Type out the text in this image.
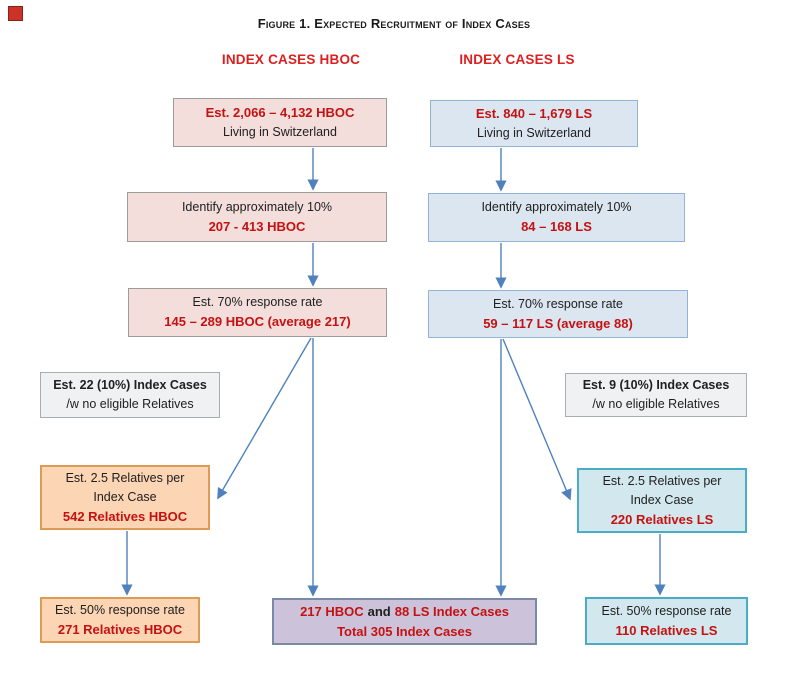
Figure 1. Expected Recruitment of Index Cases
INDEX CASES HBOC	INDEX CASES LS
Est. 2,066 – 4,132 HBOC
Living in Switzerland
Identify approximately 10%
207 - 413 HBOC
Est. 70% response rate
145 – 289 HBOC (average 217)
Est. 22 (10%) Index Cases
/w no eligible Relatives
Est. 2.5 Relatives per
Index Case
542 Relatives HBOC
Est. 50% response rate
271 Relatives HBOC
Est. 840 – 1,679 LS
Living in Switzerland
Identify approximately 10%
84 – 168 LS
Est. 70% response rate
59 – 117 LS (average 88)
Est. 9 (10%) Index Cases
/w no eligible Relatives
Est. 2.5 Relatives per
Index Case
220 Relatives LS
Est. 50% response rate
110 Relatives LS
217 HBOC and 88 LS Index Cases
Total 305 Index Cases
